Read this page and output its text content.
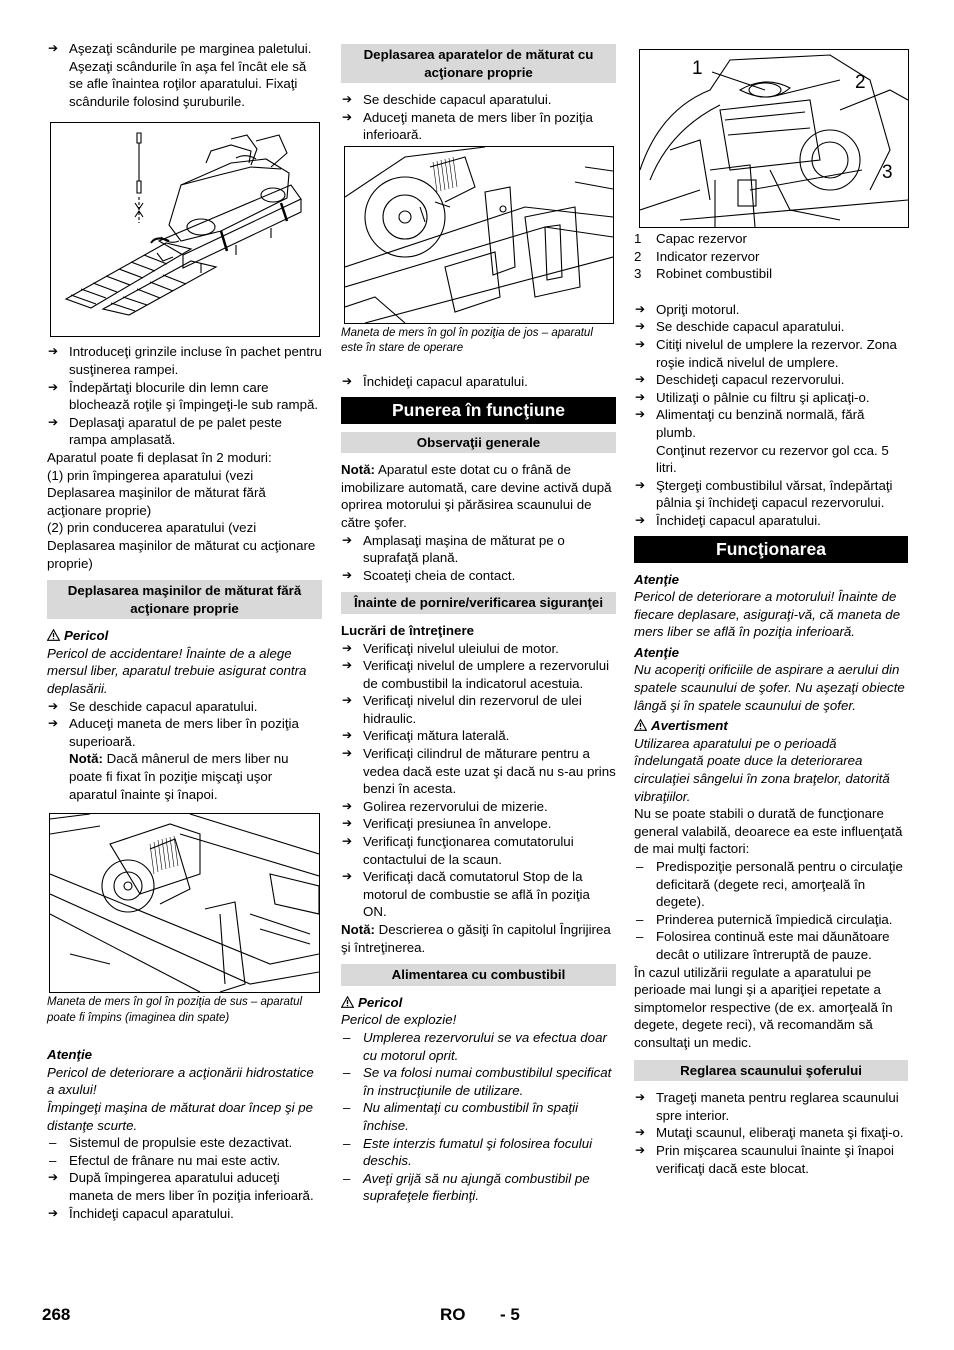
➔ Aşezaţi scândurile pe marginea paletului. Aşezaţi scândurile în aşa fel încât ele să se afle înaintea roţilor aparatului. Fixaţi scândurile folosind şuruburile.

➔ Introduceţi grinzile incluse în pachet pentru susţinerea rampei.

➔ Îndepărtaţi blocurile din lemn care blochează roţile şi împingeţi-le sub rampă.

➔ Deplasaţi aparatul de pe palet peste rampa amplasată.

Aparatul poate fi deplasat în 2 moduri:

(1) prin împingerea aparatului (vezi Deplasarea maşinilor de măturat fără acţionare proprie)

(2) prin conducerea aparatului (vezi Deplasarea maşinilor de măturat cu acţionare proprie)

Deplasarea maşinilor de măturat fără acţionare proprie

Pericol

Pericol de accidentare! Înainte de a alege mersul liber, aparatul trebuie asigurat contra deplasării.

➔ Se deschide capacul aparatului.

➔ Aduceţi maneta de mers liber în poziţia superioară.

Notă: Dacă mânerul de mers liber nu poate fi fixat în poziţie mişcaţi uşor aparatul înainte şi înapoi.

Maneta de mers în gol în poziţia de sus – aparatul poate fi împins (imaginea din spate)

Atenţie

Pericol de deteriorare a acţionării hidrostatice a axului!

Împingeţi maşina de măturat doar încep şi pe distanţe scurte.

– Sistemul de propulsie este dezactivat.

– Efectul de frânare nu mai este activ.

➔ După împingerea aparatului aduceţi maneta de mers liber în poziţia inferioară.

➔ Închideţi capacul aparatului.

Deplasarea aparatelor de măturat cu acţionare proprie

➔ Se deschide capacul aparatului.

➔ Aduceţi maneta de mers liber în poziţia inferioară.

Maneta de mers în gol în poziţia de jos – aparatul este în stare de operare

➔ Închideţi capacul aparatului.

Punerea în funcţiune
Observaţii generale

Notă: Aparatul este dotat cu o frână de imobilizare automată, care devine activă după oprirea motorului şi părăsirea scaunului de către şofer.

➔ Amplasaţi maşina de măturat pe o suprafaţă plană.

➔ Scoateţi cheia de contact.

Înainte de pornire/verificarea siguranţei

Lucrări de întreţinere

➔ Verificaţi nivelul uleiului de motor.

➔ Verificaţi nivelul de umplere a rezervorului de combustibil la indicatorul acestuia.

➔ Verificaţi nivelul din rezervorul de ulei hidraulic.

➔ Verificaţi mătura laterală.

➔ Verificaţi cilindrul de măturare pentru a vedea dacă este uzat şi dacă nu s-au prins benzi în acesta.

➔ Golirea rezervorului de mizerie.

➔ Verificaţi presiunea în anvelope.

➔ Verificaţi funcţionarea comutatorului contactului de la scaun.

➔ Verificaţi dacă comutatorul Stop de la motorul de combustie se află în poziţia ON.

Notă: Descrierea o găsiţi în capitolul Îngrijirea şi întreţinerea.

Alimentarea cu combustibil

Pericol

Pericol de explozie!

– Umplerea rezervorului se va efectua doar cu motorul oprit.

– Se va folosi numai combustibilul specificat în instrucţiunile de utilizare.

– Nu alimentaţi cu combustibil în spaţii închise.

– Este interzis fumatul şi folosirea focului deschis.

– Aveţi grijă să nu ajungă combustibil pe suprafeţele fierbinţi.

1
2
3
1	Capac rezervor
2	Indicator rezervor
3	Robinet combustibil

➔ Opriţi motorul.

➔ Se deschide capacul aparatului.

➔ Citiţi nivelul de umplere la rezervor. Zona roşie indică nivelul de umplere.

➔ Deschideţi capacul rezervorului.

➔ Utilizaţi o pâlnie cu filtru şi aplicaţi-o.

➔ Alimentaţi cu benzină normală, fără plumb.

Conţinut rezervor cu rezervor gol cca. 5 litri.

➔ Ştergeţi combustibilul vărsat, îndepărtaţi pâlnia şi închideţi capacul rezervorului.

➔ Închideţi capacul aparatului.

Funcţionarea

Atenţie

Pericol de deteriorare a motorului! Înainte de fiecare deplasare, asiguraţi-vă, că maneta de mers liber se află în poziţia inferioară.

Atenţie

Nu acoperiţi orificiile de aspirare a aerului din spatele scaunului de şofer. Nu aşezaţi obiecte lângă şi în spatele scaunului de şofer.

Avertisment

Utilizarea aparatului pe o perioadă îndelungată poate duce la deteriorarea circulaţiei sângelui în zona braţelor, datorită vibraţiilor.

Nu se poate stabili o durată de funcţionare general valabilă, deoarece ea este influenţată de mai mulţi factori:

– Predispoziţie personală pentru o circulaţie deficitară (degete reci, amorţeală în degete).

– Prinderea puternică împiedică circulaţia.

– Folosirea continuă este mai dăunătoare decât o utilizare întreruptă de pauze.

În cazul utilizării regulate a aparatului pe perioade mai lungi şi a apariţiei repetate a simptomelor respective (de ex. amorţeală în degete, degete reci), vă recomandăm să consultaţi un medic.

Reglarea scaunului şoferului

➔ Trageţi maneta pentru reglarea scaunului spre interior.

➔ Mutaţi scaunul, eliberaţi maneta şi fixaţi-o.

➔ Prin mişcarea scaunului înainte şi înapoi verificaţi dacă este blocat.

268	RO - 5
